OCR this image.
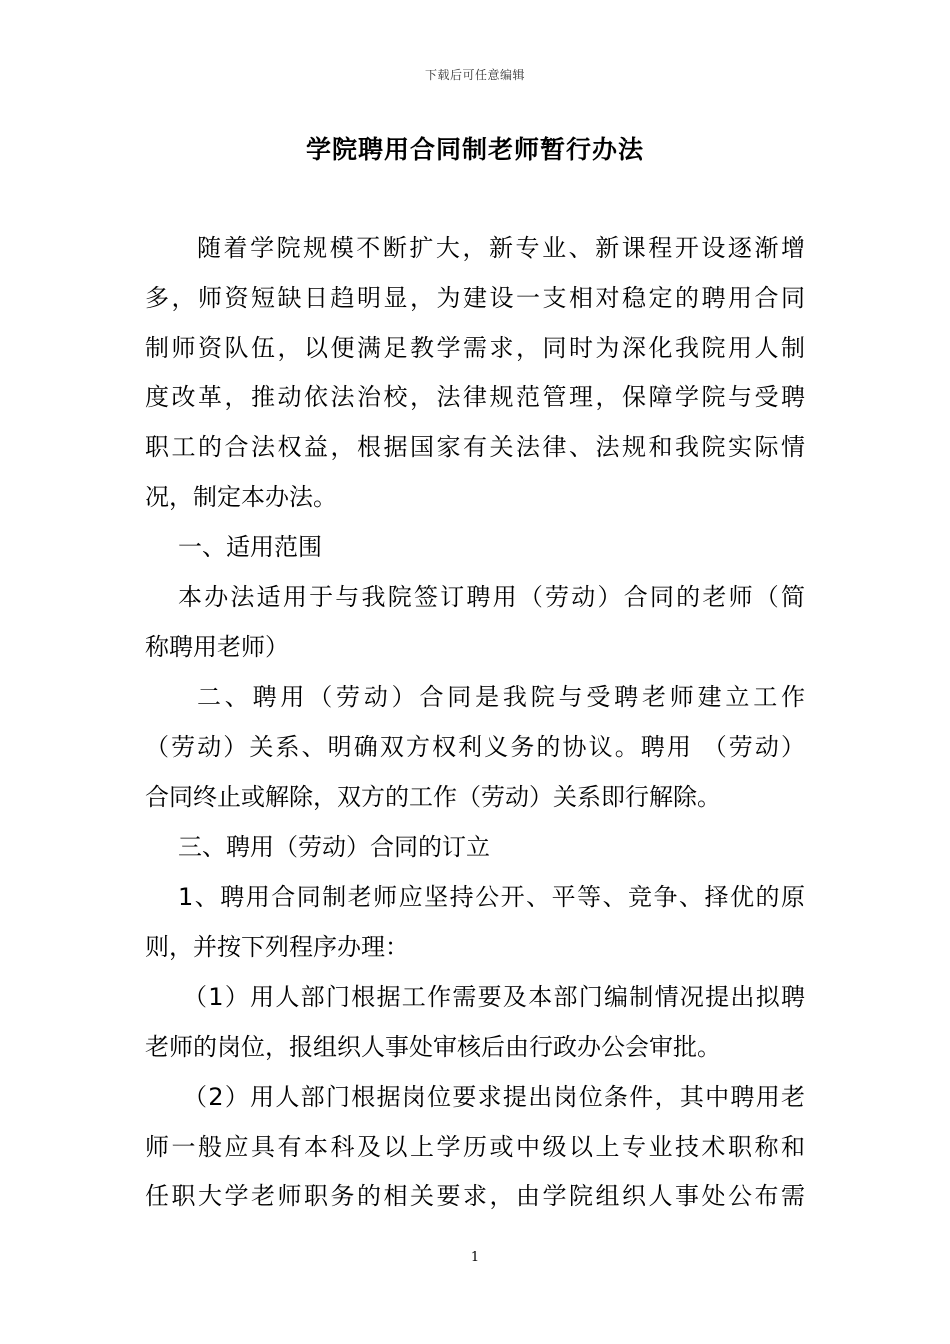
下载后可任意编辑
学院聘用合同制老师暂行办法
随着学院规模不断扩大，新专业、新课程开设逐渐增
多，师资短缺日趋明显，为建设一支相对稳定的聘用合同
制师资队伍，以便满足教学需求，同时为深化我院用人制
度改革，推动依法治校，法律规范管理，保障学院与受聘
职工的合法权益，根据国家有关法律、法规和我院实际情
况，制定本办法。
一、适用范围
本办法适用于与我院签订聘用（劳动）合同的老师（简
称聘用老师）
二、聘用（劳动）合同是我院与受聘老师建立工作
（劳动）关系、明确双方权利义务的协议。聘用 （劳动）
合同终止或解除，双方的工作（劳动）关系即行解除。
三、聘用（劳动）合同的订立
1、聘用合同制老师应坚持公开、平等、竞争、择优的原
则，并按下列程序办理：
（1）用人部门根据工作需要及本部门编制情况提出拟聘
老师的岗位，报组织人事处审核后由行政办公会审批。
（2）用人部门根据岗位要求提出岗位条件，其中聘用老
师一般应具有本科及以上学历或中级以上专业技术职称和
任职大学老师职务的相关要求，由学院组织人事处公布需
1
